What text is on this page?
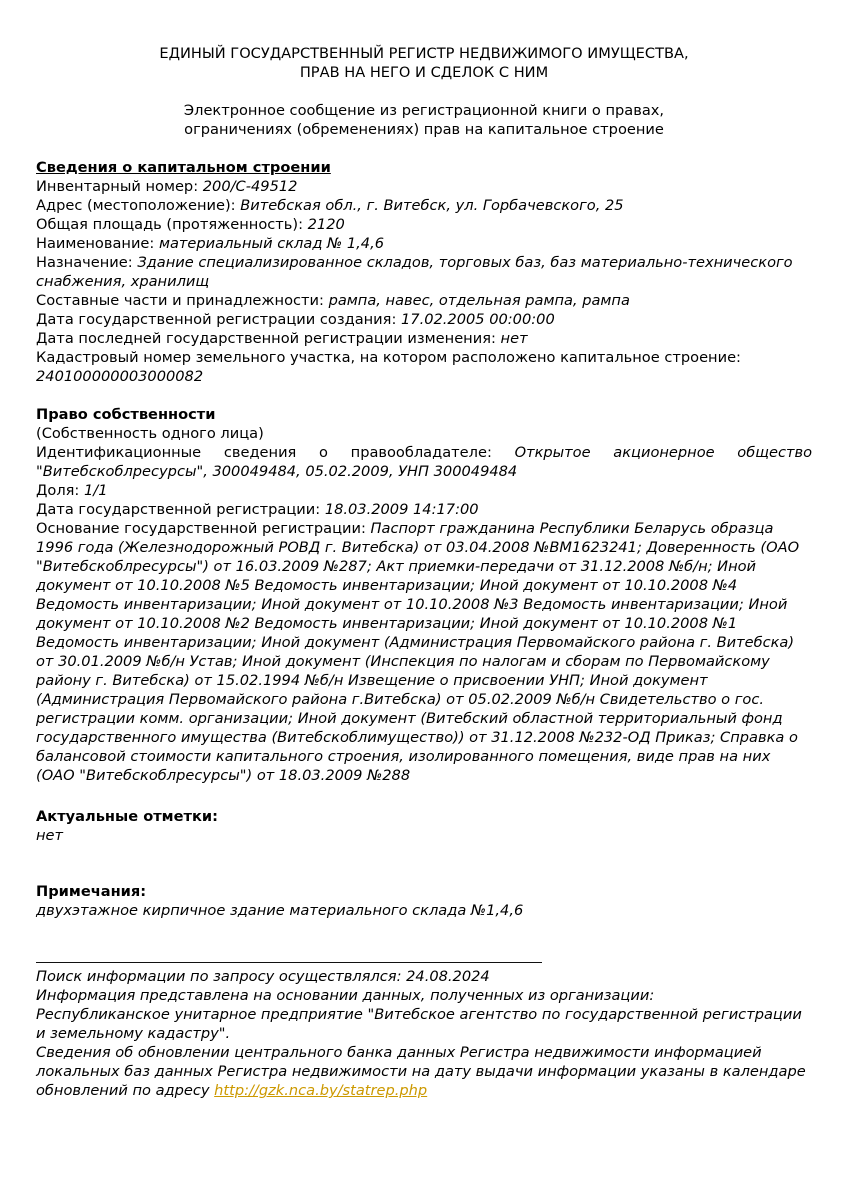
ЕДИНЫЙ ГОСУДАРСТВЕННЫЙ РЕГИСТР НЕДВИЖИМОГО ИМУЩЕСТВА,
ПРАВ НА НЕГО И СДЕЛОК С НИМ
Электронное сообщение из регистрационной книги о правах,
ограничениях (обременениях) прав на капитальное строение
Сведения о капитальном строении
Инвентарный номер: 200/С-49512
Адрес (местоположение): Витебская обл., г. Витебск, ул. Горбачевского, 25
Общая площадь (протяженность): 2120
Наименование: материальный склад № 1,4,6
Назначение: Здание специализированное складов, торговых баз, баз материально-технического снабжения, хранилищ
Составные части и принадлежности: рампа, навес, отдельная рампа, рампа
Дата государственной регистрации создания: 17.02.2005 00:00:00
Дата последней государственной регистрации изменения: нет
Кадастровый номер земельного участка, на котором расположено капитальное строение: 240100000003000082
Право собственности
(Собственность одного лица)
Идентификационные сведения о правообладателе: Открытое акционерное общество "Витебскоблресурсы", 300049484, 05.02.2009, УНП 300049484
Доля: 1/1
Дата государственной регистрации: 18.03.2009 14:17:00
Основание государственной регистрации: Паспорт гражданина Республики Беларусь образца 1996 года (Железнодорожный РОВД г. Витебска) от 03.04.2008 №ВМ1623241; Доверенность (ОАО "Витебскоблресурсы") от 16.03.2009 №287; Акт приемки-передачи от 31.12.2008 №б/н; Иной документ от 10.10.2008 №5 Ведомость инвентаризации; Иной документ от 10.10.2008 №4 Ведомость инвентаризации; Иной документ от 10.10.2008 №3 Ведомость инвентаризации; Иной документ от 10.10.2008 №2 Ведомость инвентаризации; Иной документ от 10.10.2008 №1 Ведомость инвентаризации; Иной документ (Администрация Первомайского района г. Витебска) от 30.01.2009 №б/н Устав; Иной документ (Инспекция по налогам и сборам по Первомайскому району г. Витебска) от 15.02.1994 №б/н Извещение о присвоении УНП; Иной документ (Администрация Первомайского района г.Витебска) от 05.02.2009 №б/н Свидетельство о гос. регистрации комм. организации; Иной документ (Витебский областной территориальный фонд государственного имущества (Витебскоблимущество)) от 31.12.2008 №232-ОД Приказ; Справка о балансовой стоимости капитального строения, изолированного помещения, виде прав на них (ОАО "Витебскоблресурсы") от 18.03.2009 №288
Актуальные отметки:
нет
Примечания:
двухэтажное кирпичное здание материального склада №1,4,6
Поиск информации по запросу осуществлялся: 24.08.2024
Информация представлена на основании данных, полученных из организации:
Республиканское унитарное предприятие "Витебское агентство по государственной регистрации и земельному кадастру".
Сведения об обновлении центрального банка данных Регистра недвижимости информацией локальных баз данных Регистра недвижимости на дату выдачи информации указаны в календаре обновлений по адресу http://gzk.nca.by/statrep.php
